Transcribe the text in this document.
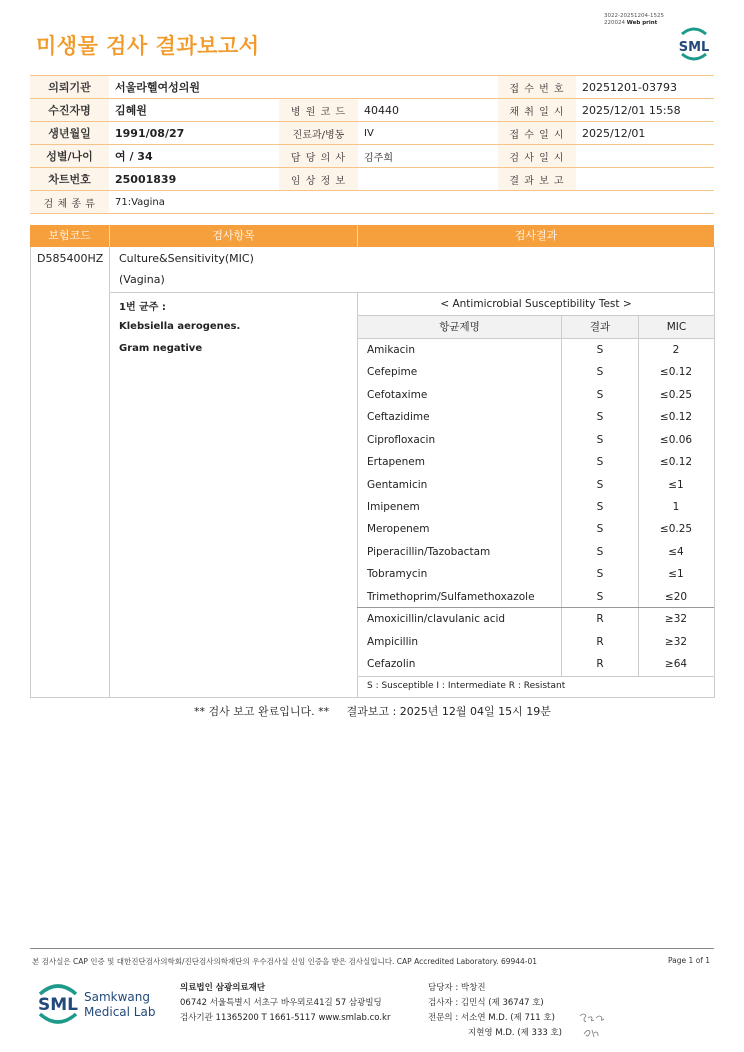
미생물 검사 결과보고서
3022-20251204-1525
220024 Web print
SML
의뢰기관	서울라헬여성의원			접 수 번 호	20251201-03793
수진자명	김혜원	병 원 코 드	40440	채 취 일 시	2025/12/01 15:58
생년월일	1991/08/27	진료과/병동	IV	접 수 일 시	2025/12/01
성별/나이	여 / 34	담 당 의 사	김주희	검 사 일 시	
차트번호	25001839	임 상 정 보		결 과 보 고	
검 체 종 류	71:Vagina				
보험코드	검사항목	검사결과
D585400HZ Culture&Sensitivity(MIC)
(Vagina)
1번 균주 :
Klebsiella aerogenes.
Gram negative
< Antimicrobial Susceptibility Test >
항균제명	결과	MIC
Amikacin	S	2
Cefepime	S	≤0.12
Cefotaxime	S	≤0.25
Ceftazidime	S	≤0.12
Ciprofloxacin	S	≤0.06
Ertapenem	S	≤0.12
Gentamicin	S	≤1
Imipenem	S	1
Meropenem	S	≤0.25
Piperacillin/Tazobactam	S	≤4
Tobramycin	S	≤1
Trimethoprim/Sulfamethoxazole	S	≤20
Amoxicillin/clavulanic acid	R	≥32
Ampicillin	R	≥32
Cefazolin	R	≥64
S : Susceptible I : Intermediate R : Resistant
** 검사 보고 완료입니다. **     결과보고 : 2025년 12월 04일 15시 19분
본 검사실은 CAP 인증 및 대한진단검사의학회/진단검사의학재단의 우수검사실 신임 인증을 받은 검사실입니다. CAP Accredited Laboratory. 69944-01	Page 1 of 1
SML Samkwang
Medical Lab
의료법인 삼광의료재단
06742 서울특별시 서초구 바우뫼로41길 57 삼광빌딩
검사기관 11365200 T 1661-5117 www.smlab.co.kr
담당자 : 박창진
검사자 : 김민식 (제 36747 호)
전문의 : 서소연 M.D. (제 711 호)
지현영 M.D. (제 333 호)
